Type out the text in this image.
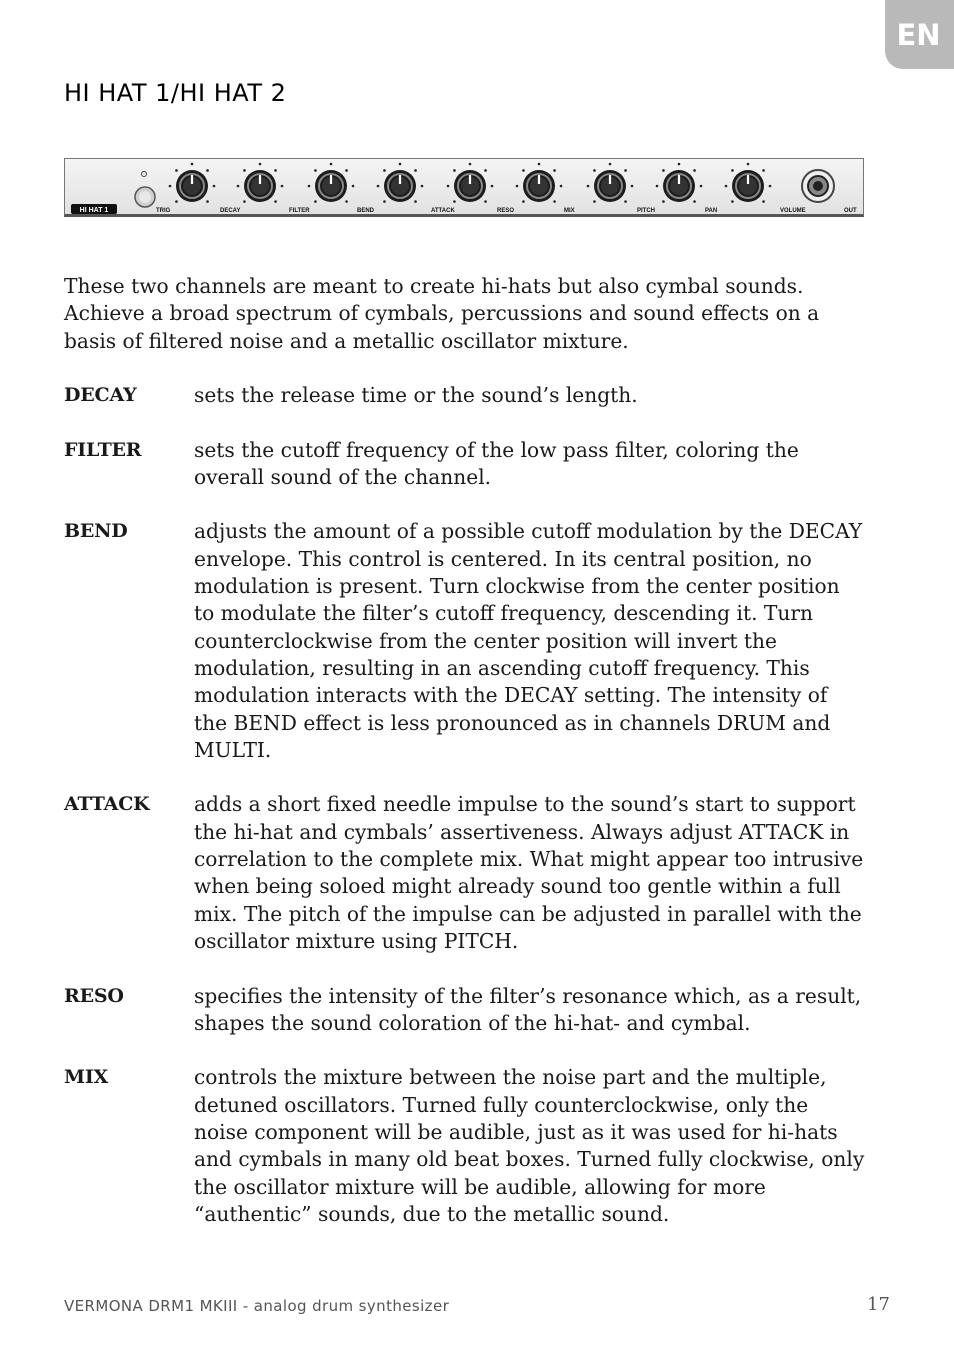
EN
HI HAT 1/HI HAT 2
HI HAT 1	TRIG	DECAY	FILTER	BEND	ATTACK	RESO	MIX	PITCH	PAN	VOLUME	OUT

These two channels are meant to create hi-hats but also cymbal sounds. Achieve a broad spectrum of cymbals, percussions and sound effects on a basis of filtered noise and a metallic oscillator mixture.

DECAY	sets the release time or the sound’s length.
FILTER	sets the cutoff frequency of the low pass filter, coloring the overall sound of the channel.
BEND	adjusts the amount of a possible cutoff modulation by the DECAY envelope. This control is centered. In its central position, no modulation is present. Turn clockwise from the center position to modulate the filter’s cutoff frequency, descending it. Turn counterclockwise from the center position will invert the modulation, resulting in an ascending cutoff frequency. This modulation interacts with the DECAY setting. The intensity of the BEND effect is less pronounced as in channels DRUM and MULTI.
ATTACK	adds a short fixed needle impulse to the sound’s start to support the hi-hat and cymbals’ assertiveness. Always adjust ATTACK in correlation to the complete mix. What might appear too intrusive when being soloed might already sound too gentle within a full mix. The pitch of the impulse can be adjusted in parallel with the oscillator mixture using PITCH.
RESO	specifies the intensity of the filter’s resonance which, as a result, shapes the sound coloration of the hi-hat- and cymbal.
MIX	controls the mixture between the noise part and the multiple, detuned oscillators. Turned fully counterclockwise, only the noise component will be audible, just as it was used for hi-hats and cymbals in many old beat boxes. Turned fully clockwise, only the oscillator mixture will be audible, allowing for more “authentic” sounds, due to the metallic sound.
VERMONA DRM1 MKIII - analog drum synthesizer	17
